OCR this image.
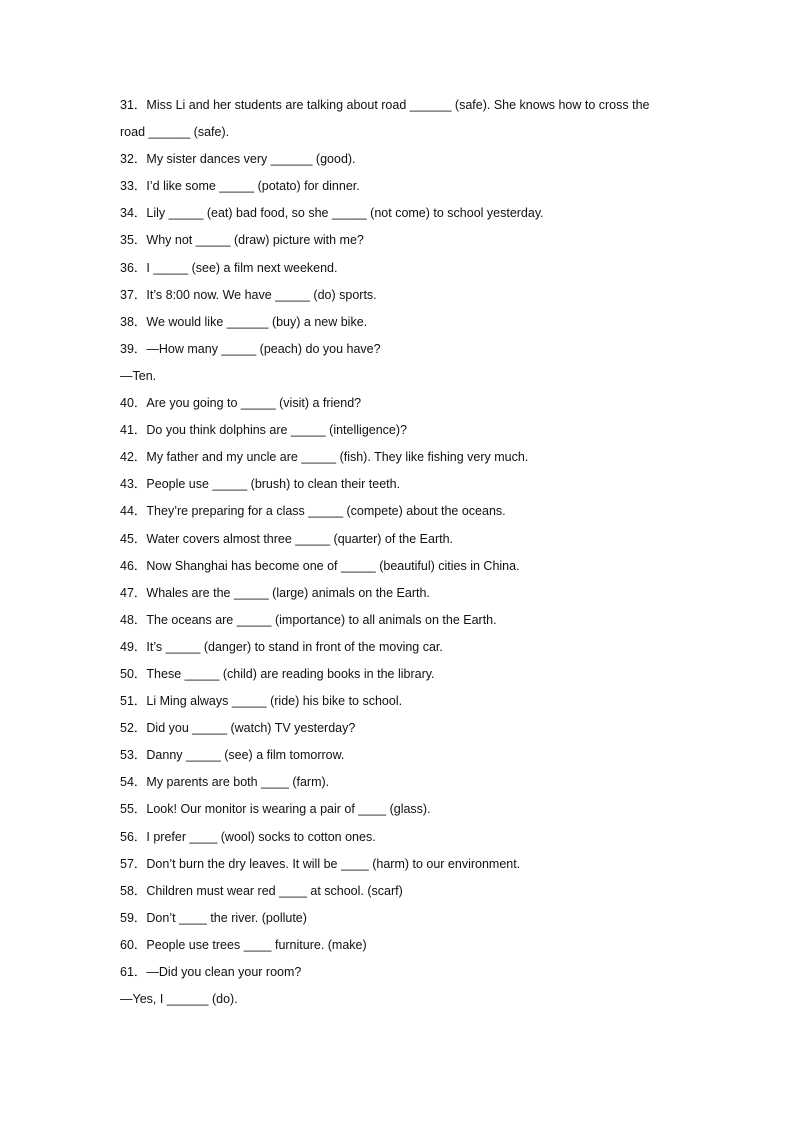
31．Miss Li and her students are talking about road ______ (safe). She knows how to cross the
road ______ (safe).
32．My sister dances very ______ (good).
33．I’d like some _____ (potato) for dinner.
34．Lily _____ (eat) bad food, so she _____ (not come) to school yesterday.
35．Why not _____ (draw) picture with me?
36．I _____ (see) a film next weekend.
37．It’s 8:00 now. We have _____ (do) sports.
38．We would like ______ (buy) a new bike.
39．—How many _____ (peach) do you have?
—Ten.
40．Are you going to _____ (visit) a friend?
41．Do you think dolphins are _____ (intelligence)?
42．My father and my uncle are _____ (fish). They like fishing very much.
43．People use _____ (brush) to clean their teeth.
44．They’re preparing for a class _____ (compete) about the oceans.
45．Water covers almost three _____ (quarter) of the Earth.
46．Now Shanghai has become one of _____ (beautiful) cities in China.
47．Whales are the _____ (large) animals on the Earth.
48．The oceans are _____ (importance) to all animals on the Earth.
49．It’s _____ (danger) to stand in front of the moving car.
50．These _____ (child) are reading books in the library.
51．Li Ming always _____ (ride) his bike to school.
52．Did you _____ (watch) TV yesterday?
53．Danny _____ (see) a film tomorrow.
54．My parents are both ____ (farm).
55．Look! Our monitor is wearing a pair of ____ (glass).
56．I prefer ____ (wool) socks to cotton ones.
57．Don’t burn the dry leaves. It will be ____ (harm) to our environment.
58．Children must wear red ____ at school. (scarf)
59．Don’t ____ the river. (pollute)
60．People use trees ____ furniture. (make)
61．—Did you clean your room?
—Yes, I ______ (do).
